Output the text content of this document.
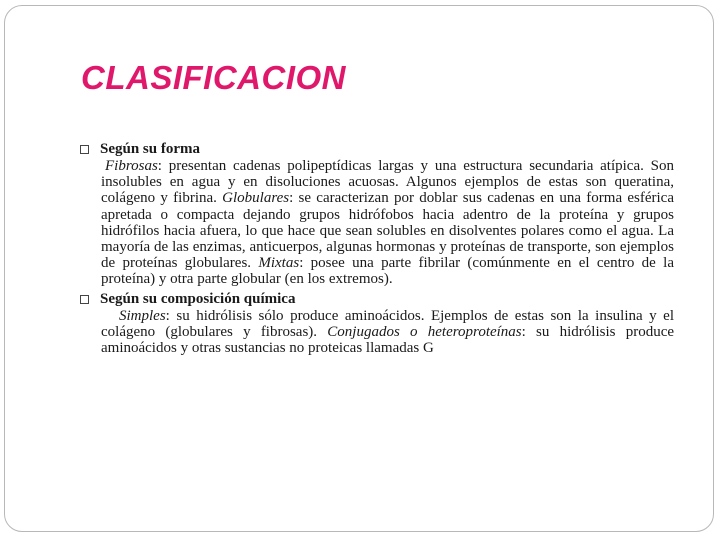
CLASIFICACION
Según su forma

Fibrosas: presentan cadenas polipeptídicas largas y una estructura secundaria atípica. Son insolubles en agua y en disoluciones acuosas. Algunos ejemplos de estas son queratina, colágeno y fibrina. Globulares: se caracterizan por doblar sus cadenas en una forma esférica apretada o compacta dejando grupos hidrófobos hacia adentro de la proteína y grupos hidrófilos hacia afuera, lo que hace que sean solubles en disolventes polares como el agua. La mayoría de las enzimas, anticuerpos, algunas hormonas y proteínas de transporte, son ejemplos de proteínas globulares. Mixtas: posee una parte fibrilar (comúnmente en el centro de la proteína) y otra parte globular (en los extremos).

Según su composición química

Simples: su hidrólisis sólo produce aminoácidos. Ejemplos de estas son la insulina y el colágeno (globulares y fibrosas). Conjugados o heteroproteínas: su hidrólisis produce aminoácidos y otras sustancias no proteicas llamadas G
